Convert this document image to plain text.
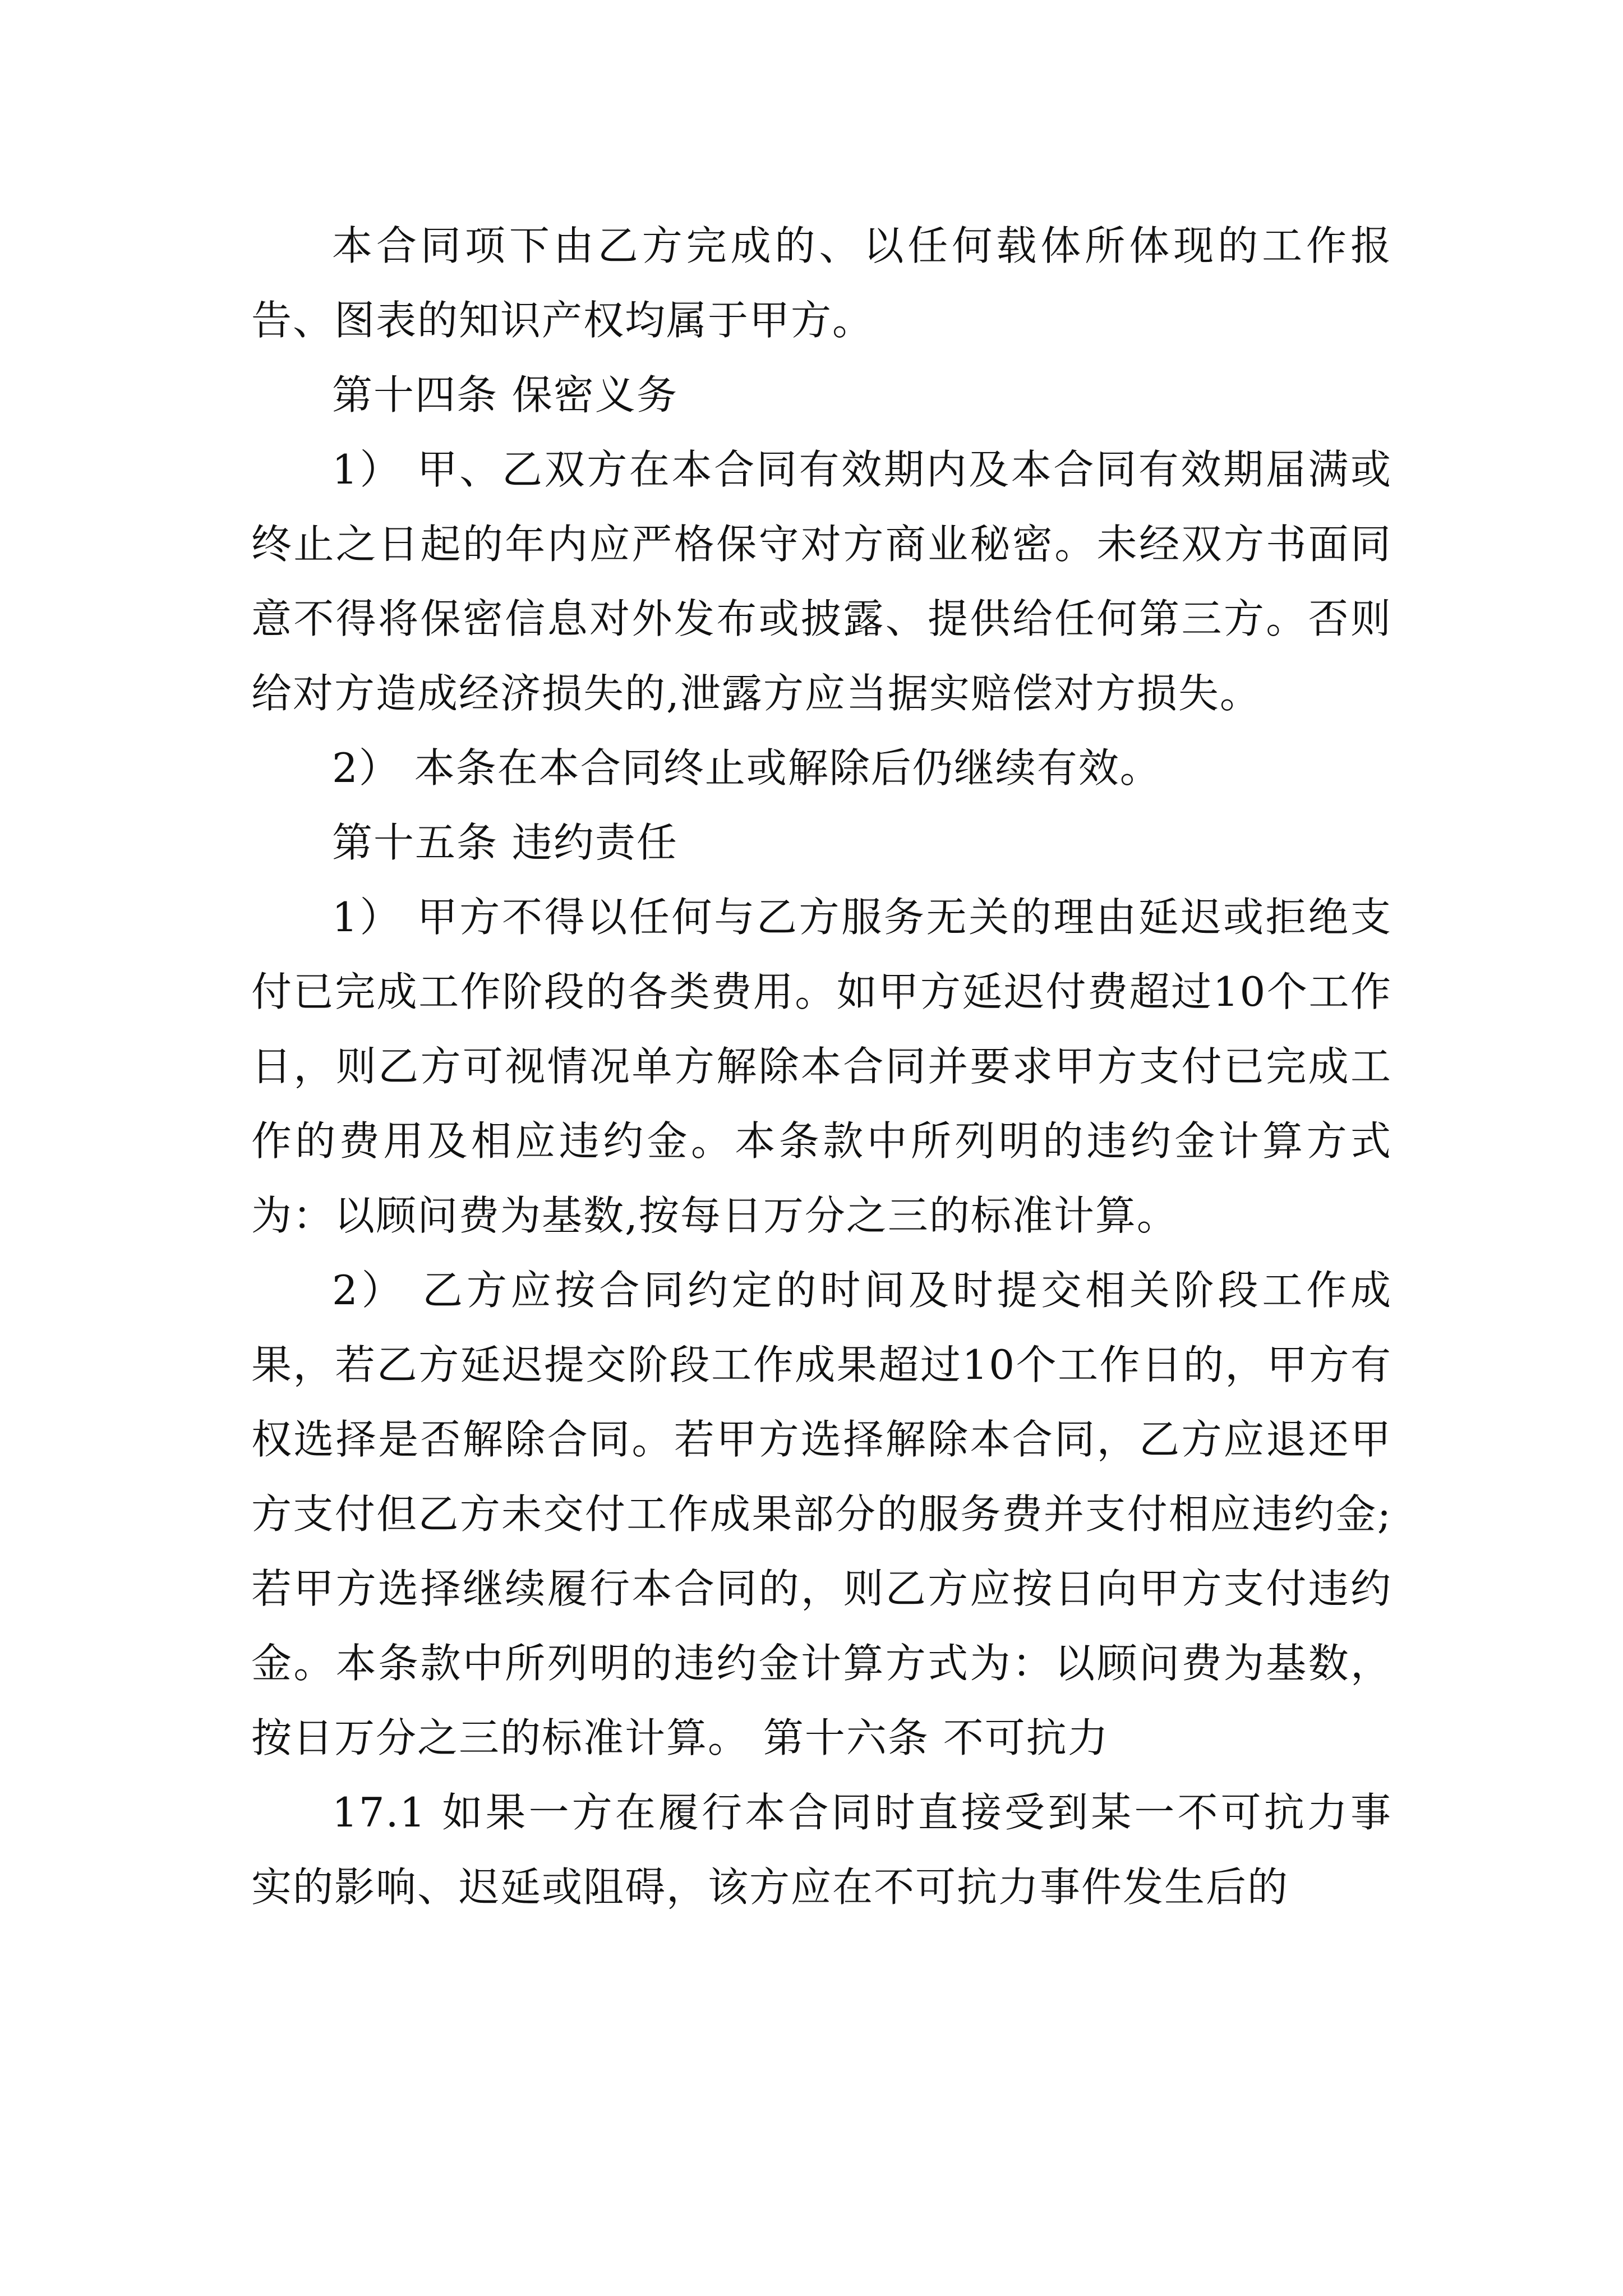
本合同项下由乙方完成的、以任何载体所体现的工作报告、图表的知识产权均属于甲方。

第十四条 保密义务

1） 甲、乙双方在本合同有效期内及本合同有效期届满或终止之日起的年内应严格保守对方商业秘密。未经双方书面同意不得将保密信息对外发布或披露、提供给任何第三方。否则给对方造成经济损失的,泄露方应当据实赔偿对方损失。

2） 本条在本合同终止或解除后仍继续有效。

第十五条 违约责任

1） 甲方不得以任何与乙方服务无关的理由延迟或拒绝支付已完成工作阶段的各类费用。如甲方延迟付费超过10个工作日，则乙方可视情况单方解除本合同并要求甲方支付已完成工作的费用及相应违约金。本条款中所列明的违约金计算方式为：以顾问费为基数,按每日万分之三的标准计算。

2） 乙方应按合同约定的时间及时提交相关阶段工作成果，若乙方延迟提交阶段工作成果超过10个工作日的，甲方有权选择是否解除合同。若甲方选择解除本合同，乙方应退还甲方支付但乙方未交付工作成果部分的服务费并支付相应违约金;若甲方选择继续履行本合同的，则乙方应按日向甲方支付违约金。本条款中所列明的违约金计算方式为：以顾问费为基数，按日万分之三的标准计算。 第十六条 不可抗力

17.1 如果一方在履行本合同时直接受到某一不可抗力事实的影响、迟延或阻碍，该方应在不可抗力事件发生后的
